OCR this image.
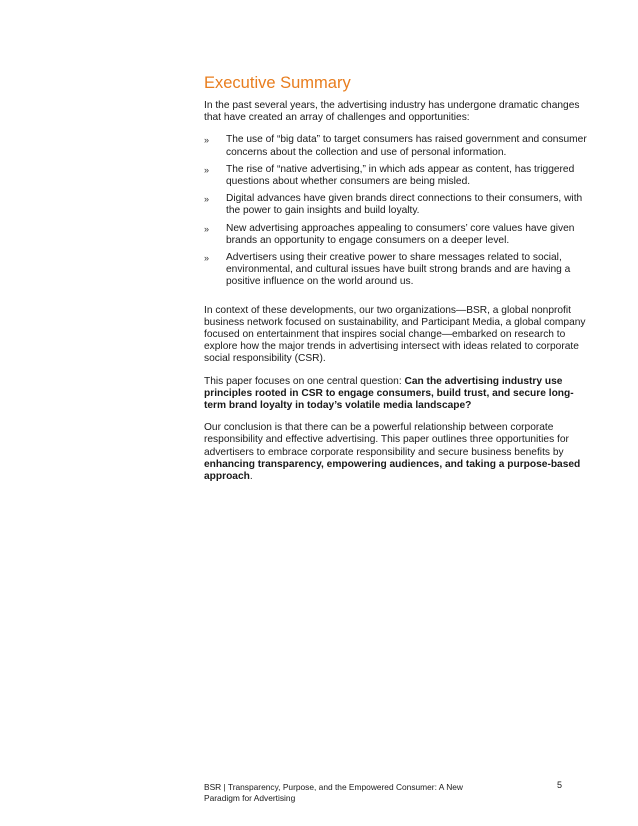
Executive Summary

In the past several years, the advertising industry has undergone dramatic changes that have created an array of challenges and opportunities:

» The use of “big data” to target consumers has raised government and consumer concerns about the collection and use of personal information.
» The rise of “native advertising,” in which ads appear as content, has triggered questions about whether consumers are being misled.
» Digital advances have given brands direct connections to their consumers, with the power to gain insights and build loyalty.
» New advertising approaches appealing to consumers’ core values have given brands an opportunity to engage consumers on a deeper level.
» Advertisers using their creative power to share messages related to social, environmental, and cultural issues have built strong brands and are having a positive influence on the world around us.

In context of these developments, our two organizations—BSR, a global nonprofit business network focused on sustainability, and Participant Media, a global company focused on entertainment that inspires social change—embarked on research to explore how the major trends in advertising intersect with ideas related to corporate social responsibility (CSR).

This paper focuses on one central question: Can the advertising industry use principles rooted in CSR to engage consumers, build trust, and secure long-term brand loyalty in today’s volatile media landscape?

Our conclusion is that there can be a powerful relationship between corporate responsibility and effective advertising. This paper outlines three opportunities for advertisers to embrace corporate responsibility and secure business benefits by enhancing transparency, empowering audiences, and taking a purpose-based approach.

BSR | Transparency, Purpose, and the Empowered Consumer: A New Paradigm for Advertising
5
